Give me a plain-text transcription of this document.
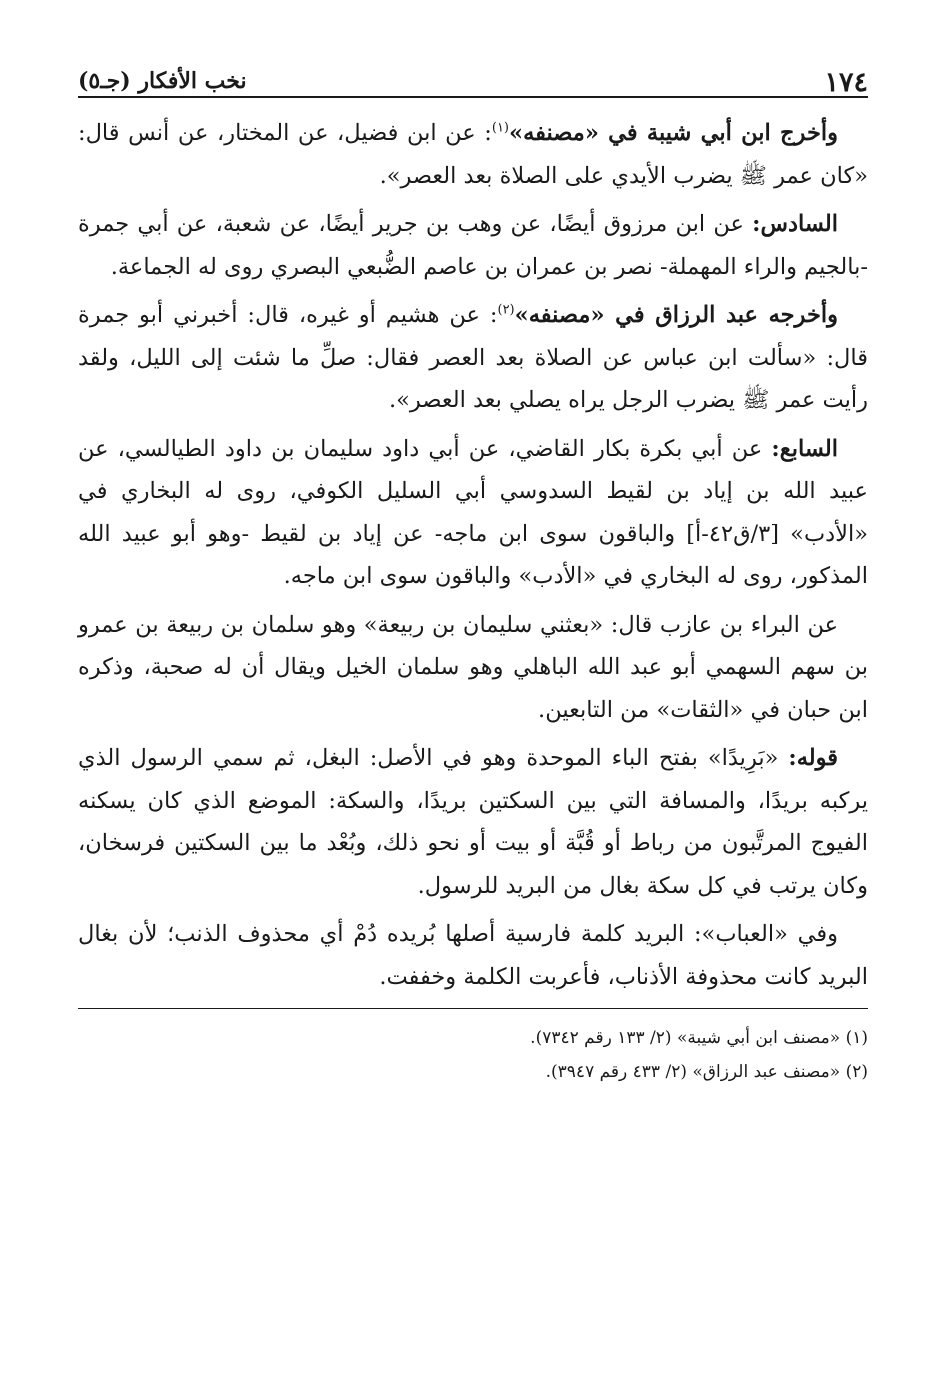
١٧٤
نخب الأفكار (جـ٥)

وأخرج ابن أبي شيبة في «مصنفه»$^{(١)}$: عن ابن فضيل، عن المختار، عن أنس قال: «كان عمر ﷺ يضرب الأيدي على الصلاة بعد العصر».

السادس: عن ابن مرزوق أيضًا، عن وهب بن جرير أيضًا، عن شعبة، عن أبي جمرة -بالجيم والراء المهملة- نصر بن عمران بن عاصم الضُّبعي البصري روى له الجماعة.

وأخرجه عبد الرزاق في «مصنفه»$^{(٢)}$: عن هشيم أو غيره، قال: أخبرني أبو جمرة قال: «سألت ابن عباس عن الصلاة بعد العصر فقال: صلِّ ما شئت إلى الليل، ولقد رأيت عمر ﷺ يضرب الرجل يراه يصلي بعد العصر».

السابع: عن أبي بكرة بكار القاضي، عن أبي داود سليمان بن داود الطيالسي، عن عبيد الله بن إياد بن لقيط السدوسي أبي السليل الكوفي، روى له البخاري في «الأدب» [٣/ق٤٢-أ] والباقون سوى ابن ماجه- عن إياد بن لقيط -وهو أبو عبيد الله المذكور، روى له البخاري في «الأدب» والباقون سوى ابن ماجه.

عن البراء بن عازب قال: «بعثني سليمان بن ربيعة» وهو سلمان بن ربيعة بن عمرو بن سهم السهمي أبو عبد الله الباهلي وهو سلمان الخيل ويقال أن له صحبة، وذكره ابن حبان في «الثقات» من التابعين.

قوله: «بَرِيدًا» بفتح الباء الموحدة وهو في الأصل: البغل، ثم سمي الرسول الذي يركبه بريدًا، والمسافة التي بين السكتين بريدًا، والسكة: الموضع الذي كان يسكنه الفيوج المرتَّبون من رباط أو قُبَّة أو بيت أو نحو ذلك، وبُعْد ما بين السكتين فرسخان، وكان يرتب في كل سكة بغال من البريد للرسول.

وفي «العباب»: البريد كلمة فارسية أصلها بُريده دُمْ أي محذوف الذنب؛ لأن بغال البريد كانت محذوفة الأذناب، فأعربت الكلمة وخففت.

(١) «مصنف ابن أبي شيبة» (٢/ ١٣٣ رقم ٧٣٤٢).

(٢) «مصنف عبد الرزاق» (٢/ ٤٣٣ رقم ٣٩٤٧).
